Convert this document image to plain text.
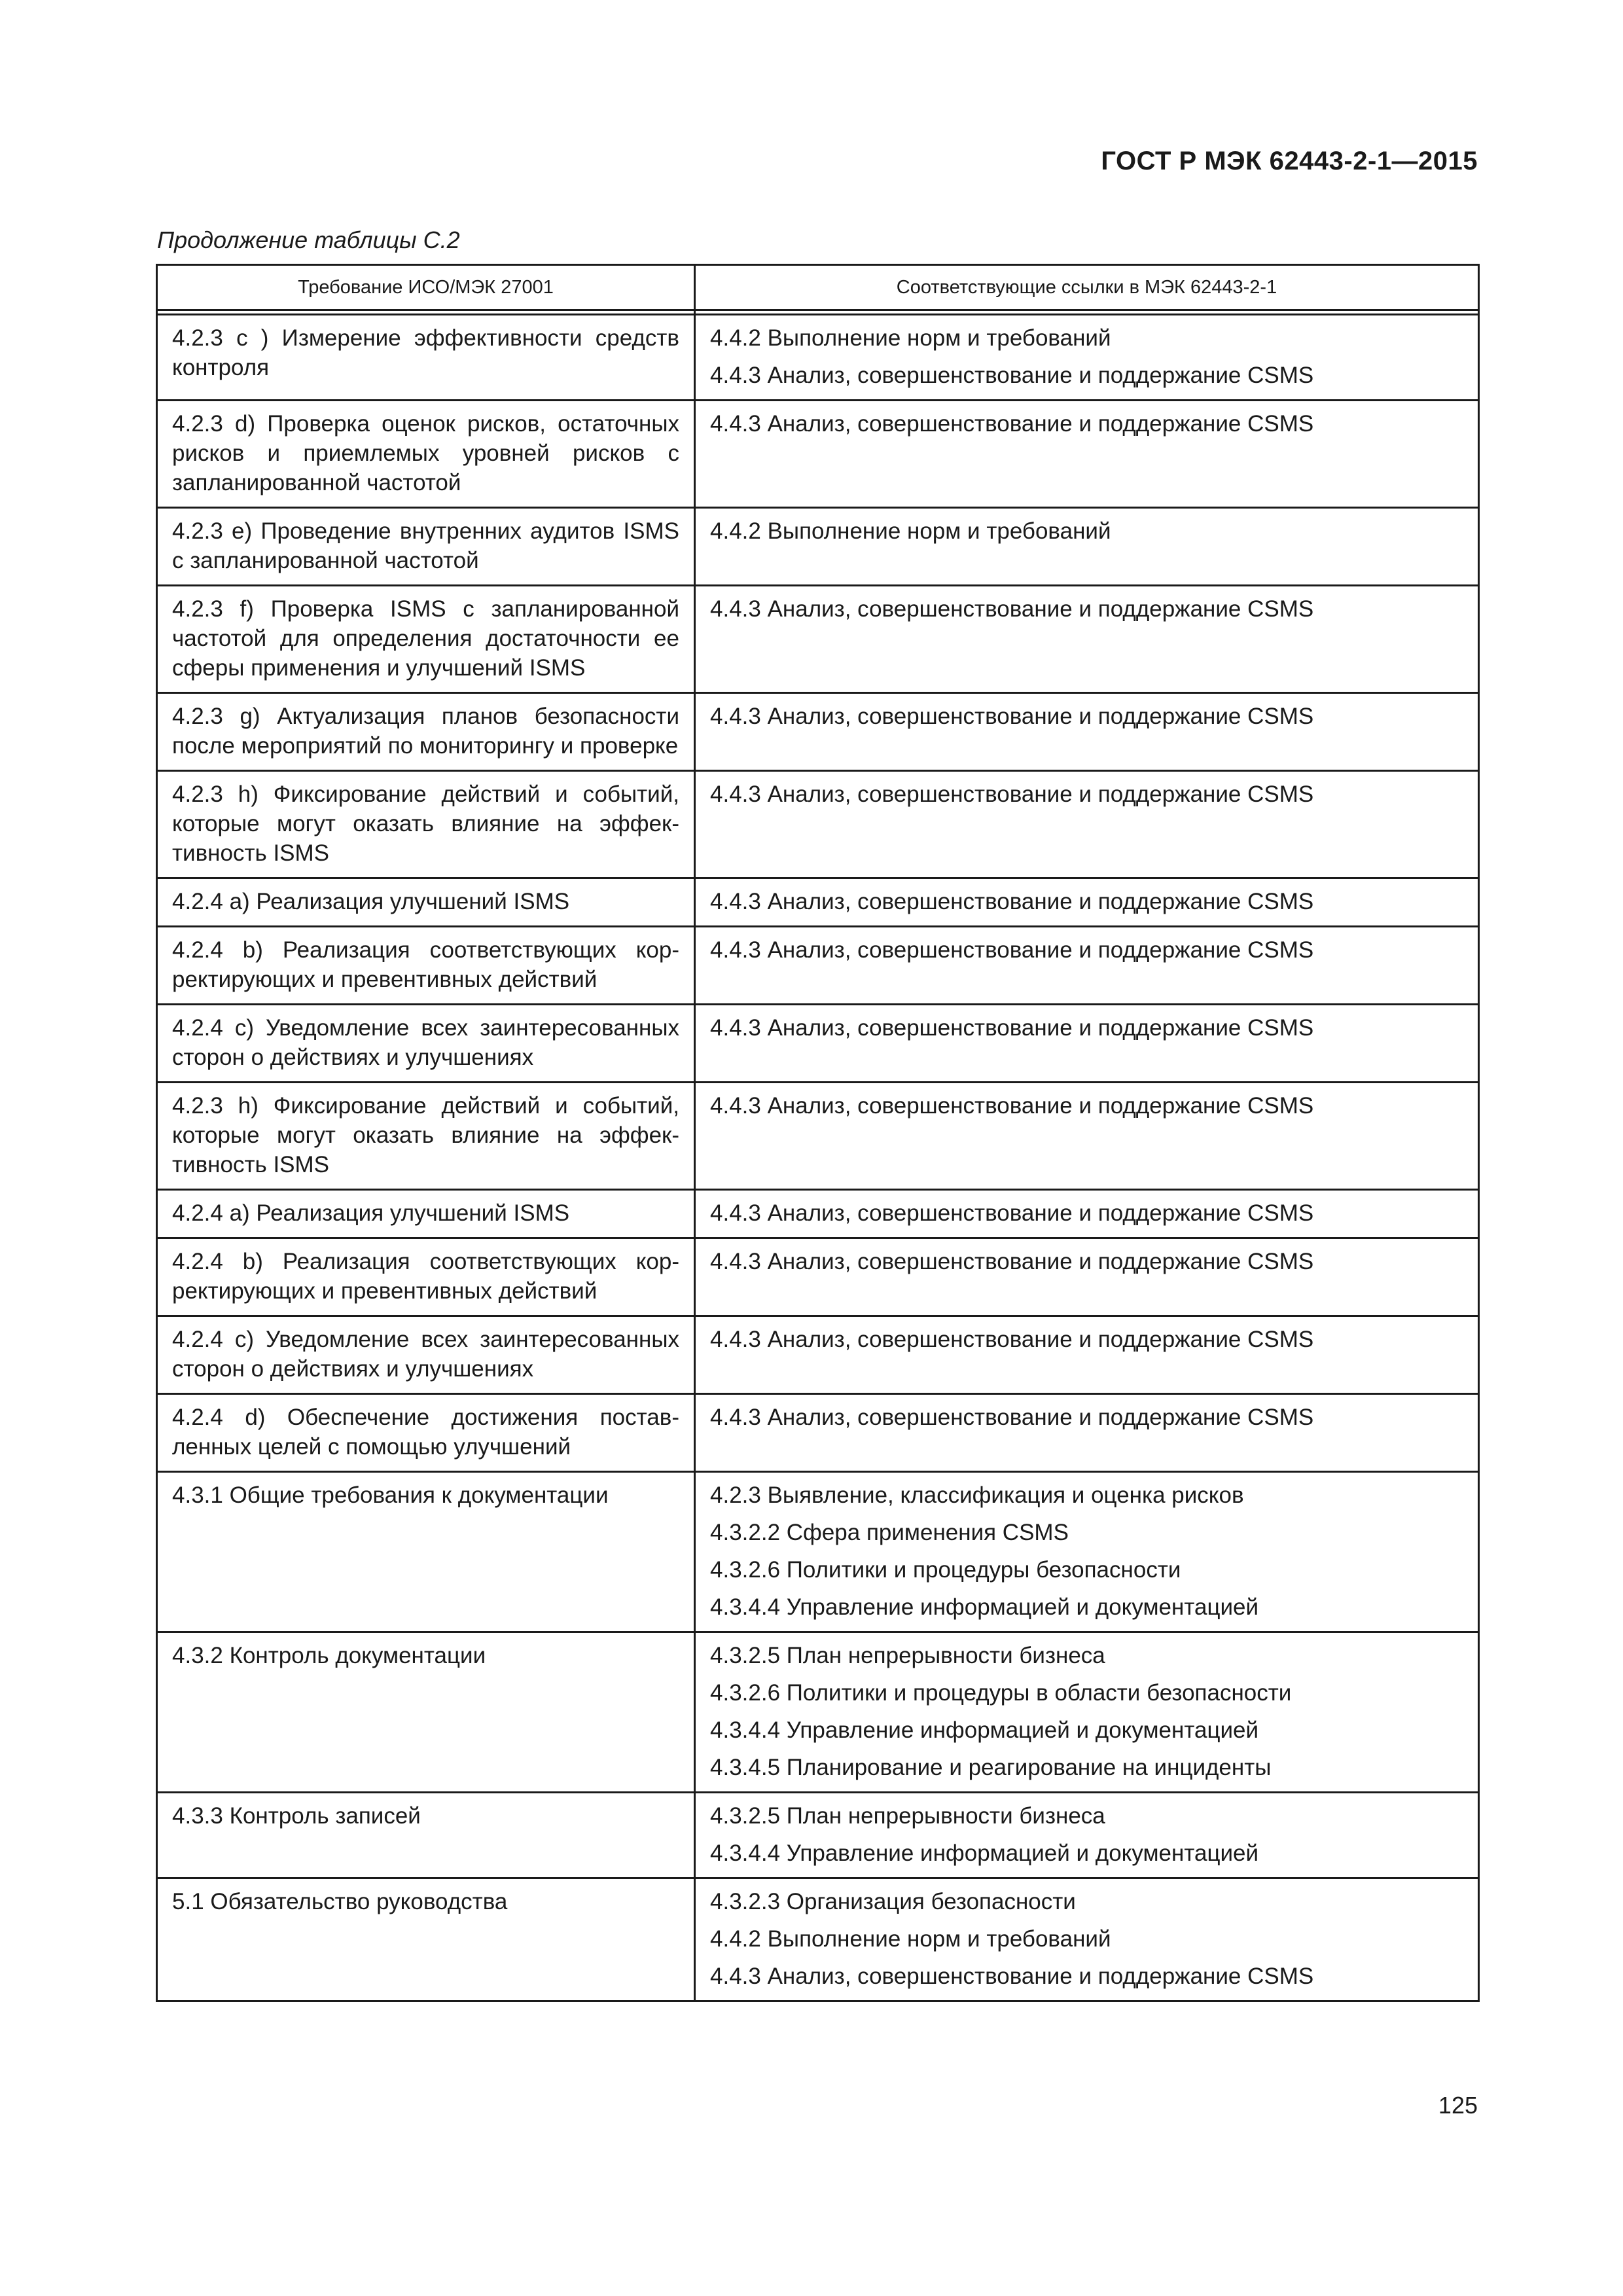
ГОСТ Р МЭК 62443-2-1—2015
Продолжение таблицы С.2
Требование ИСО/МЭК 27001	Соответствующие ссылки в МЭК 62443-2-1

4.2.3 c ) Измерение эффективности средств контроля	4.4.2 Выполнение норм и требований
4.4.3 Анализ, совершенствование и поддержание CSMS

4.2.3 d) Проверка оценок рисков, остаточных рисков и приемлемых уровней рисков с запланированной частотой	4.4.3 Анализ, совершенствование и поддержание CSMS

4.2.3 e) Проведение внутренних аудитов ISMS с запланированной частотой	4.4.2 Выполнение норм и требований

4.2.3 f) Проверка ISMS с запланированной частотой для определения достаточности ее сферы применения и улучшений ISMS	4.4.3 Анализ, совершенствование и поддержание CSMS

4.2.3 g) Актуализация планов безопасности после мероприятий по мониторингу и проверке	4.4.3 Анализ, совершенствование и поддержание CSMS

4.2.3 h) Фиксирование действий и событий, которые могут оказать влияние на эффективность ISMS	4.4.3 Анализ, совершенствование и поддержание CSMS

4.2.4 a) Реализация улучшений ISMS	4.4.3 Анализ, совершенствование и поддержание CSMS

4.2.4 b) Реализация соответствующих корректирующих и превентивных действий	4.4.3 Анализ, совершенствование и поддержание CSMS

4.2.4 c) Уведомление всех заинтересованных сторон о действиях и улучшениях	4.4.3 Анализ, совершенствование и поддержание CSMS

4.2.3 h) Фиксирование действий и событий, которые могут оказать влияние на эффективность ISMS	4.4.3 Анализ, совершенствование и поддержание CSMS

4.2.4 a) Реализация улучшений ISMS	4.4.3 Анализ, совершенствование и поддержание CSMS

4.2.4 b) Реализация соответствующих корректирующих и превентивных действий	4.4.3 Анализ, совершенствование и поддержание CSMS

4.2.4 c) Уведомление всех заинтересованных сторон о действиях и улучшениях	4.4.3 Анализ, совершенствование и поддержание CSMS

4.2.4 d) Обеспечение достижения поставленных целей с помощью улучшений	4.4.3 Анализ, совершенствование и поддержание CSMS

4.3.1 Общие требования к документации	4.2.3 Выявление, классификация и оценка рисков
4.3.2.2 Сфера применения CSMS
4.3.2.6 Политики и процедуры безопасности
4.3.4.4 Управление информацией и документацией

4.3.2 Контроль документации	4.3.2.5 План непрерывности бизнеса
4.3.2.6 Политики и процедуры в области безопасности
4.3.4.4 Управление информацией и документацией
4.3.4.5 Планирование и реагирование на инциденты

4.3.3 Контроль записей	4.3.2.5 План непрерывности бизнеса
4.3.4.4 Управление информацией и документацией

5.1 Обязательство руководства	4.3.2.3 Организация безопасности
4.4.2 Выполнение норм и требований
4.4.3 Анализ, совершенствование и поддержание CSMS
125
